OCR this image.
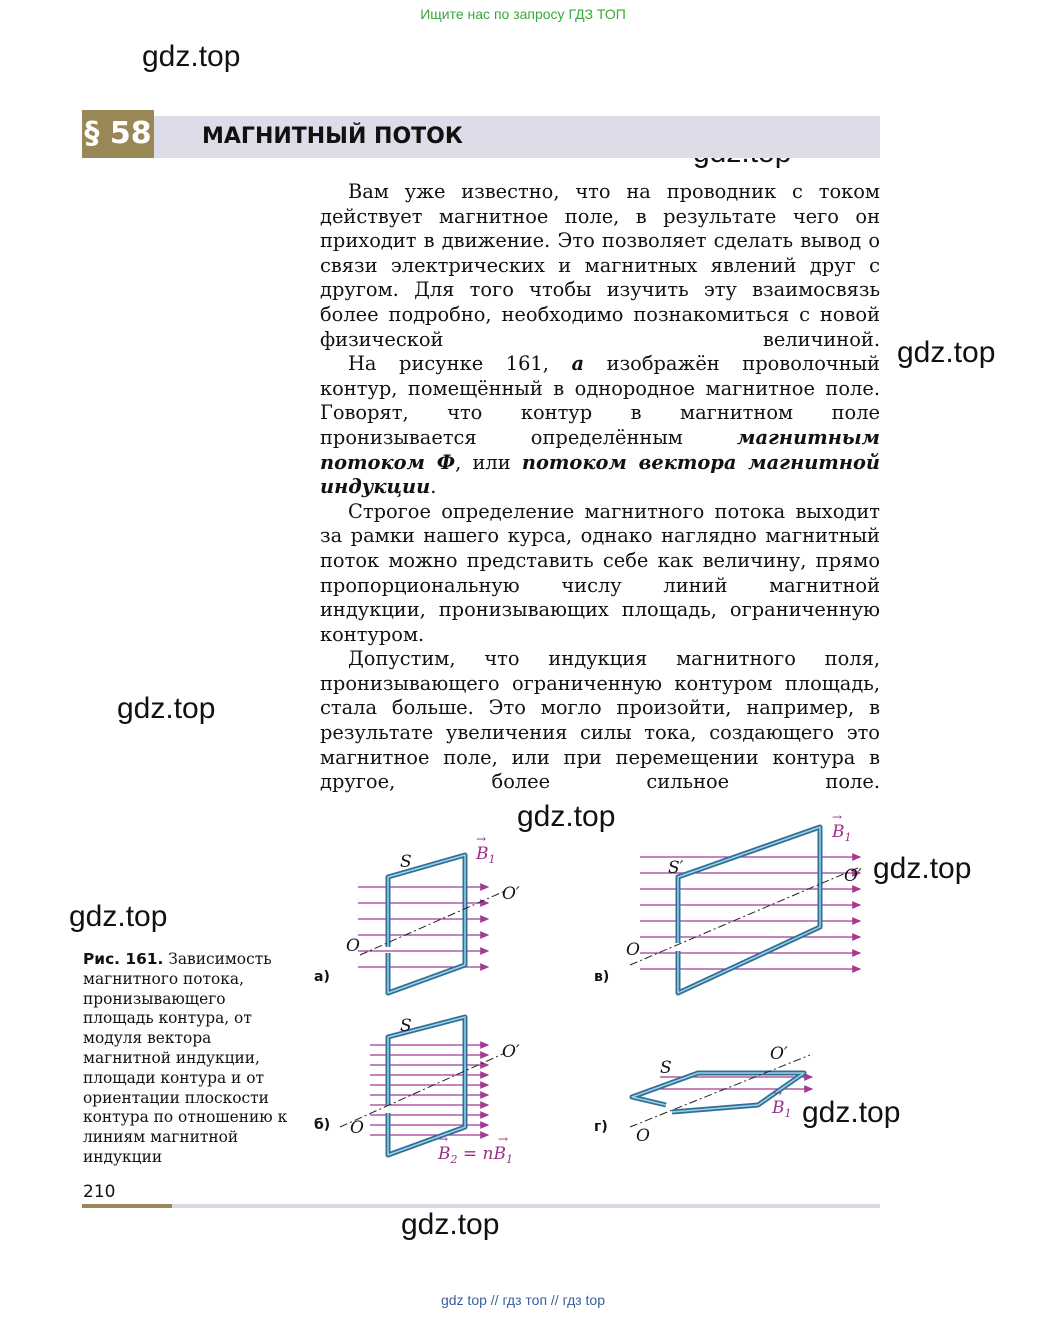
Ищите нас по запросу ГДЗ ТОП
gdz.top
gdz.top
gdz.top
gdz.top
gdz.top
gdz.top
gdz.top
gdz.top
§ 58 МАГНИТНЫЙ ПОТОК

Вам уже известно, что на проводник с током действует магнитное поле, в результате чего он приходит в движение. Это позволяет сделать вывод о связи электрических и магнитных явлений друг с другом. Для того чтобы изучить эту взаимосвязь более подробно, необходимо познакомиться с новой физической величиной.

На рисунке 161, а изображён проволочный контур, помещённый в однородное магнитное поле. Говорят, что контур в магнитном поле пронизывается определённым магнитным потоком Ф, или потоком вектора магнитной индукции.

Строгое определение магнитного потока выходит за рамки нашего курса, однако наглядно магнитный поток можно представить себе как величину, прямо пропорциональную числу линий магнитной индукции, пронизывающих площадь, ограниченную контуром.

Допустим, что индукция магнитного поля, пронизывающего ограниченную контуром площадь, стала больше. Это могло произойти, например, в результате увеличения силы тока, создающего это магнитное поле, или при перемещении контура в другое, более сильное поле.

Рис. 161. Зависимость магнитного потока, пронизывающего площадь контура, от модуля вектора магнитной индукции, площади контура и от ориентации плоскости контура по отношению к линиям магнитной индукции
S	$B_1$
→
O′
O
а)
S′
$B_1$
→
O′
O
в)
S
O′
O
$B_2 = nB_1$
→	→
б)
S
O′
O
$B_1$
→
г)
210
gdz top // гдз топ // гдз top
